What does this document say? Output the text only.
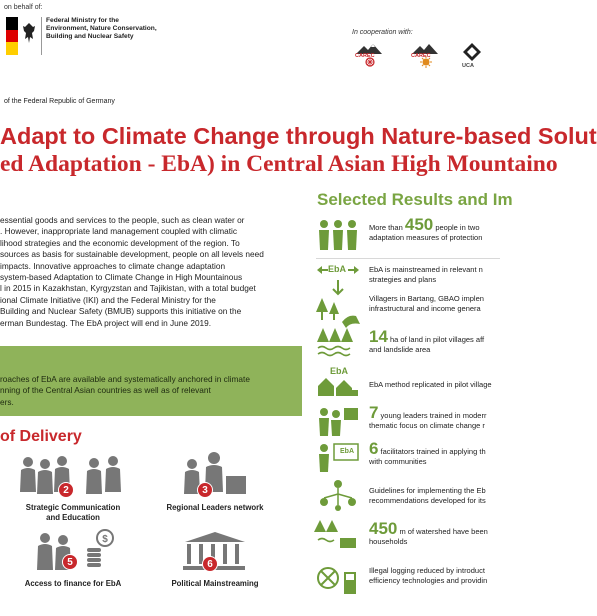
on behalf of:
Federal Ministry for the
Environment, Nature Conservation,
Building and Nuclear Safety
of the Federal Republic of Germany
In cooperation with:
CAREC	CAREC
UCA
Adapt to Climate Change through Nature-based Solut
ed Adaptation - EbA) in Central Asian High Mountaino
Selected Results and Im

essential goods and services to the people, such as clean water or

. However, inappropriate land management coupled with climatic

lihood strategies and the economic development of the region. To

sources as basis for sustainable development, people on all levels need

impacts. Innovative approaches to climate change adaptation

system-based Adaptation to Climate Change in High Mountainous

l in 2015 in Kazakhstan, Kyrgyzstan and Tajikistan, with a total budget

ional Climate Initiative (IKI) and the Federal Ministry for the

Building and Nuclear Safety (BMUB) supports this initiative on the

erman Bundestag. The EbA project will end in June 2019.

roaches of EbA are available and systematically anchored in climate
nning of the Central Asian countries as well as of relevant
ers.
of Delivery
2
Strategic Communication
and Education
3
Regional Leaders network
$
5
Access to finance for EbA
6
Political Mainstreaming
More than 450 people in two
adaptation measures of protection
EbA	EbA is mainstreamed in relevant n
strategies and plans
Villagers in Bartang, GBAO implen
infrastructural and income genera
14 ha of land in pilot villages aff
and landslide area
EbA
EbA method replicated in pilot village
7 young leaders trained in moderr
thematic focus on climate change r
EbA 6 facilitators trained in applying th
with communities
Guidelines for implementing the Eb
recommendations developed for its
450 m of watershed have been
households
Illegal logging reduced by introduct
efficiency technologies and providin
